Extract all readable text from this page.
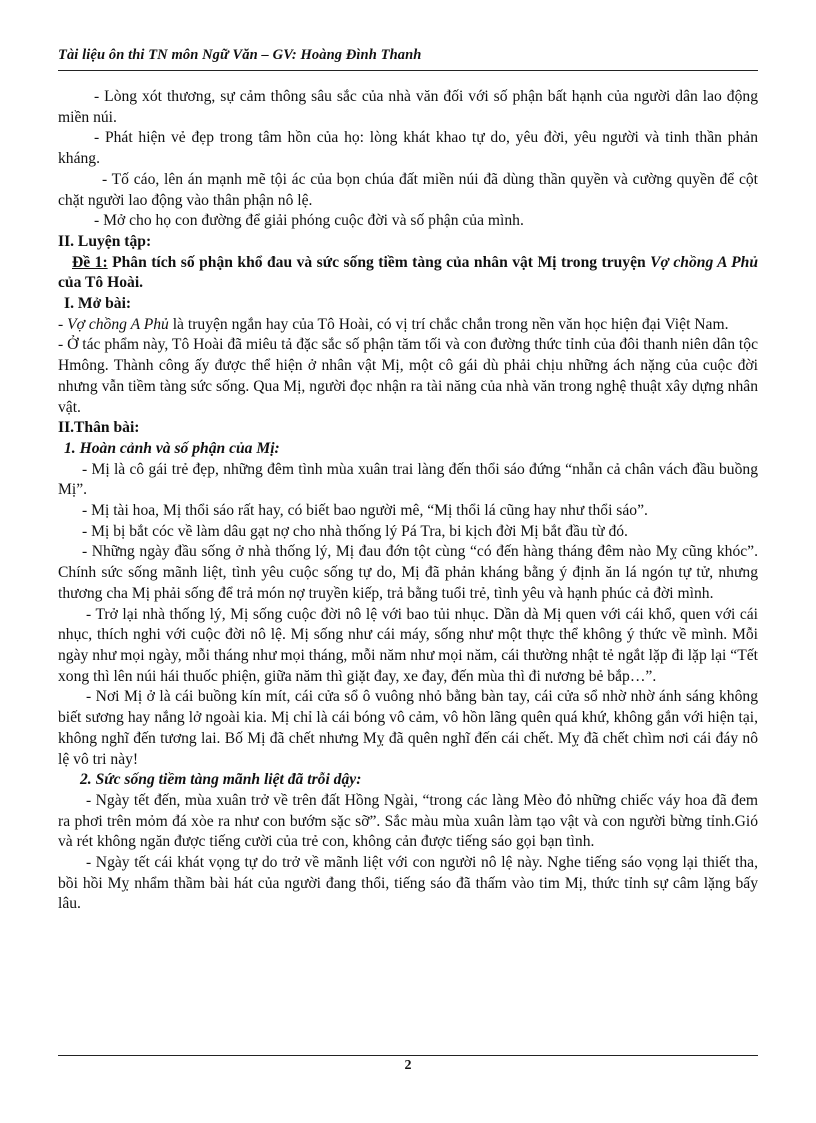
Tài liệu ôn thi TN môn Ngữ Văn – GV: Hoàng Đình Thanh

- Lòng xót thương, sự cảm thông sâu sắc của nhà văn đối với số phận bất hạnh của người dân lao động miền núi.

- Phát hiện vẻ đẹp trong tâm hồn của họ: lòng khát khao tự do, yêu đời, yêu người và tinh thần phản kháng.

- Tố cáo, lên án mạnh mẽ tội ác của bọn chúa đất miền núi đã dùng thần quyền và cường quyền để cột chặt người lao động vào thân phận nô lệ.

- Mở cho họ con đường để giải phóng cuộc đời và số phận của mình.

II. Luyện tập:

Đề 1: Phân tích số phận khổ đau và sức sống tiềm tàng của nhân vật Mị trong truyện Vợ chồng A Phủ của Tô Hoài.

I. Mở bài:

- Vợ chồng A Phủ là truyện ngắn hay của Tô Hoài, có vị trí chắc chắn trong nền văn học hiện đại Việt Nam.

- Ở tác phẩm này, Tô Hoài đã miêu tả đặc sắc số phận tăm tối và con đường thức tỉnh của đôi thanh niên dân tộc Hmông. Thành công ấy được thể hiện ở nhân vật Mị, một cô gái dù phải chịu những ách nặng của cuộc đời nhưng vẫn tiềm tàng sức sống. Qua Mị, người đọc nhận ra tài năng của nhà văn trong nghệ thuật xây dựng nhân vật.

II.Thân bài:

1. Hoàn cảnh và số phận của Mị:

- Mị là cô gái trẻ đẹp, những đêm tình mùa xuân trai làng đến thổi sáo đứng “nhẵn cả chân vách đầu buồng Mị”.

- Mị tài hoa, Mị thổi sáo rất hay, có biết bao người mê, “Mị thổi lá cũng hay như thổi sáo”.

- Mị bị bắt cóc về làm dâu gạt nợ cho nhà thống lý Pá Tra, bi kịch đời Mị bắt đầu từ đó.

- Những ngày đầu sống ở nhà thống lý, Mị đau đớn tột cùng “có đến hàng tháng đêm nào Mỵ cũng khóc”. Chính sức sống mãnh liệt, tình yêu cuộc sống tự do, Mị đã phản kháng bằng ý định ăn lá ngón tự tử, nhưng thương cha Mị phải sống để trả món nợ truyền kiếp, trả bằng tuổi trẻ, tình yêu và hạnh phúc cả đời mình.

- Trở lại nhà thống lý, Mị sống cuộc đời nô lệ với bao tủi nhục. Dần dà Mị quen với cái khổ, quen với cái nhục, thích nghi với cuộc đời nô lệ. Mị sống như cái máy, sống như một thực thể không ý thức về mình. Mỗi ngày như mọi ngày, mỗi tháng như mọi tháng, mỗi năm như mọi năm, cái thường nhật tẻ ngắt lặp đi lặp lại “Tết xong thì lên núi hái thuốc phiện, giữa năm thì giặt đay, xe đay, đến mùa thì đi nương bẻ bắp…”.

- Nơi Mị ở là cái buồng kín mít, cái cửa sổ ô vuông nhỏ bằng bàn tay, cái cửa sổ nhờ nhờ ánh sáng không biết sương hay nắng lở ngoài kia. Mị chỉ là cái bóng vô cảm, vô hồn lãng quên quá khứ, không gắn với hiện tại, không nghĩ đến tương lai. Bố Mị đã chết nhưng Mỵ đã quên nghĩ đến cái chết. Mỵ đã chết chìm nơi cái đáy nô lệ vô tri này!

2. Sức sống tiềm tàng mãnh liệt đã trỗi dậy:

- Ngày tết đến, mùa xuân trở về trên đất Hồng Ngài, “trong các làng Mèo đỏ những chiếc váy hoa đã đem ra phơi trên mỏm đá xòe ra như con bướm sặc sỡ”. Sắc màu mùa xuân làm tạo vật và con người bừng tỉnh.Gió và rét không ngăn được tiếng cười của trẻ con, không cản được tiếng sáo gọi bạn tình.

- Ngày tết cái khát vọng tự do trở về mãnh liệt với con người nô lệ này. Nghe tiếng sáo vọng lại thiết tha, bồi hồi Mỵ nhẩm thầm bài hát của người đang thổi, tiếng sáo đã thấm vào tim Mị, thức tỉnh sự câm lặng bấy lâu.

2
